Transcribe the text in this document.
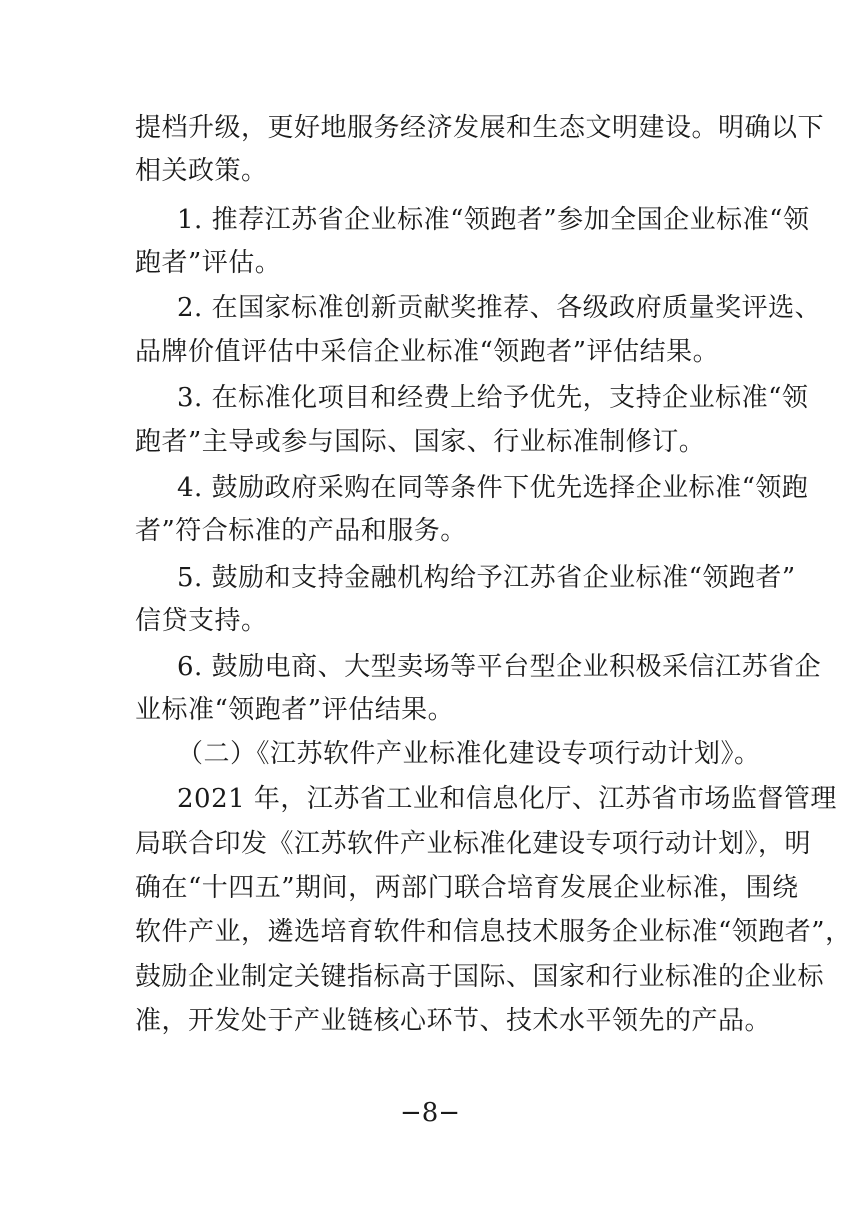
提档升级，更好地服务经济发展和生态文明建设。明确以下
相关政策。
1. 推荐江苏省企业标准“领跑者”参加全国企业标准“领
跑者”评估。
2. 在国家标准创新贡献奖推荐、各级政府质量奖评选、
品牌价值评估中采信企业标准“领跑者”评估结果。
3. 在标准化项目和经费上给予优先，支持企业标准“领
跑者”主导或参与国际、国家、行业标准制修订。
4. 鼓励政府采购在同等条件下优先选择企业标准“领跑
者”符合标准的产品和服务。
5. 鼓励和支持金融机构给予江苏省企业标准“领跑者”
信贷支持。
6. 鼓励电商、大型卖场等平台型企业积极采信江苏省企
业标准“领跑者”评估结果。
（二）《江苏软件产业标准化建设专项行动计划》。
2021 年，江苏省工业和信息化厅、江苏省市场监督管理
局联合印发《江苏软件产业标准化建设专项行动计划》，明
确在“十四五”期间，两部门联合培育发展企业标准，围绕
软件产业，遴选培育软件和信息技术服务企业标准“领跑者”，
鼓励企业制定关键指标高于国际、国家和行业标准的企业标
准，开发处于产业链核心环节、技术水平领先的产品。
−8−
